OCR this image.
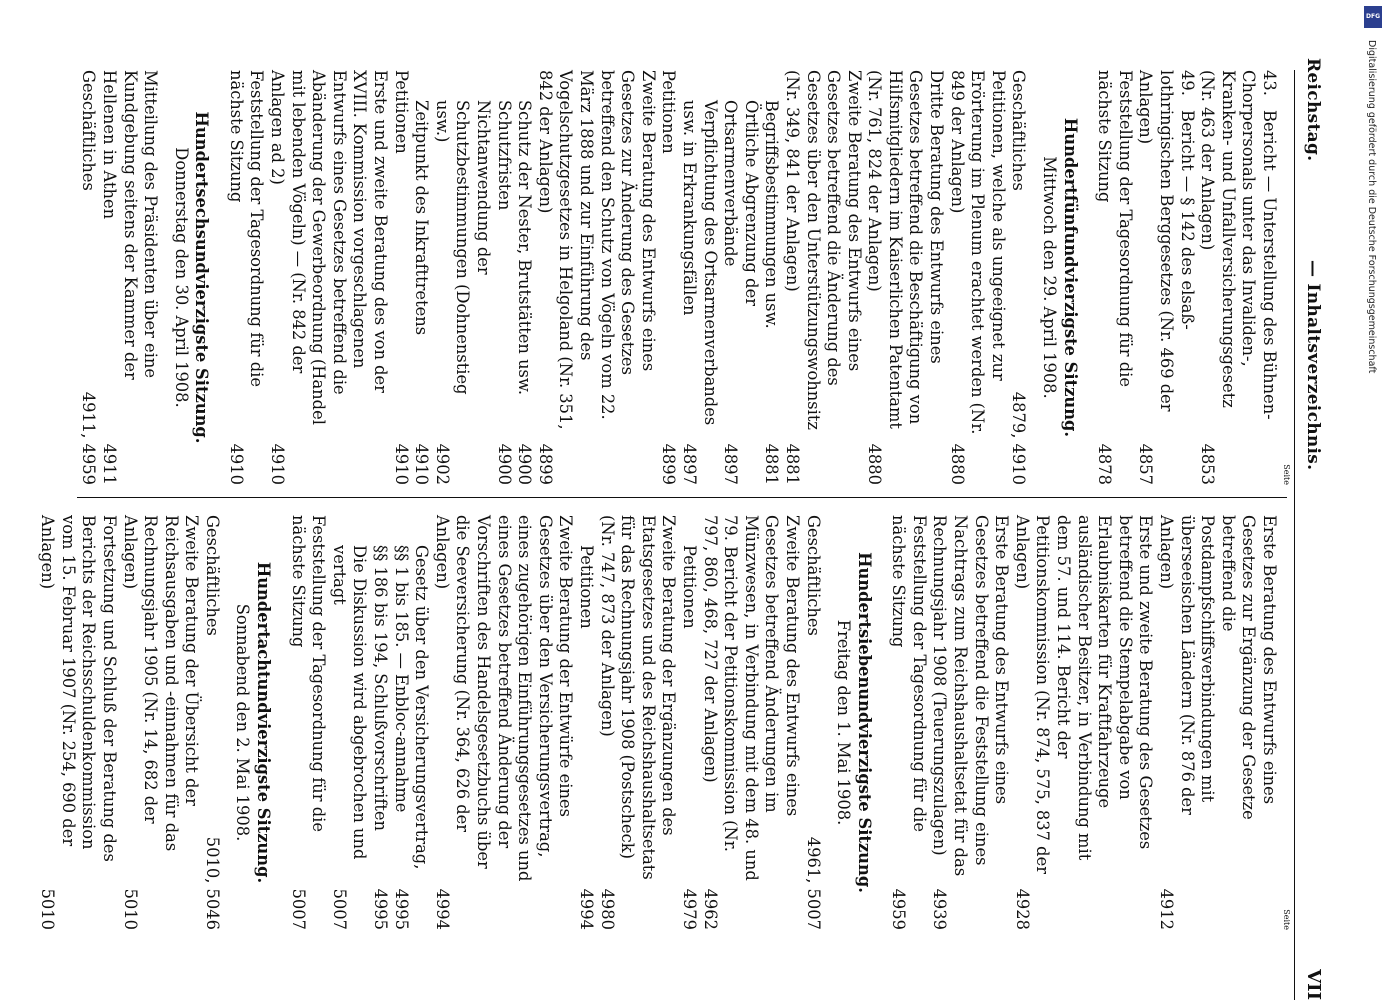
Reichstag.
— Inhaltsverzeichnis.
VII
Seite
43.Bericht — Unterstellung des Bühnen-Chorpersonals unter das Invaliden-, Kranken- und Unfallversicherungsgesetz (Nr. 463 der Anlagen)
4853
49.Bericht — § 142 des elsaß-lothringischen Berggesetzes (Nr. 469 der Anlagen)
4857
Feststellung der Tagesordnung für die nächste Sitzung
4878
Hundertfünfundvierzigste Sitzung.
Mittwoch den 29. April 1908.
Geschäftliches
4879, 4910
Petitionen, welche als ungeeignet zur Erörterung im Plenum erachtet werden (Nr. 849 der Anlagen)
4880
Dritte Beratung des Entwurfs eines Gesetzes betreffend die Beschäftigung von Hilfsmitgliedern im Kaiserlichen Patentamt (Nr. 761, 824 der Anlagen)
4880
Zweite Beratung des Entwurfs eines Gesetzes betreffend die Änderung des Gesetzes über den Unterstützungswohnsitz (Nr. 349, 841 der Anlagen)
4881
Begriffsbestimmungen usw.
4881
Örtliche Abgrenzung der Ortsarmenverbände
4897
Verpflichtung des Ortsarmenverbandes usw. in Erkrankungsfällen
4897
Petitionen
4899
Zweite Beratung des Entwurfs eines Gesetzes zur Änderung des Gesetzes betreffend den Schutz von Vögeln vom 22. März 1888 und zur Einführung des Vogelschutzgesetzes in Helgoland (Nr. 351, 842 der Anlagen)
4899
Schutz der Nester, Brutstätten usw.
4900
Schutzfristen
4900
Nichtanwendung der Schutzbestimmungen (Dohnenstieg usw.)
4902
Zeitpunkt des Inkrafttretens
4910
Petitionen
4910
Erste und zweite Beratung des von der XVIII. Kommission vorgeschlagenen Entwurfs eines Gesetzes betreffend die Abänderung der Gewerbeordnung (Handel mit lebenden Vögeln) — (Nr. 842 der Anlagen ad 2)
4910
Feststellung der Tagesordnung für die nächste Sitzung
4910
Hundertsechsundvierzigste Sitzung.
Donnerstag den 30. April 1908.
Mitteilung des Präsidenten über eine Kundgebung seitens der Kammer der Hellenen in Athen
4911
Geschäftliches
4911, 4959
Seite
Erste Beratung des Entwurfs eines Gesetzes zur Ergänzung der Gesetze betreffend die Postdampfschiffsverbindungen mit überseeischen Ländern (Nr. 876 der Anlagen)
4912
Erste und zweite Beratung des Gesetzes betreffend die Stempelabgabe von Erlaubniskarten für Kraftfahrzeuge ausländischer Besitzer, in Verbindung mit dem 57. und 114. Bericht der Petitionskommission (Nr. 874, 575, 837 der Anlagen)
4928
Erste Beratung des Entwurfs eines Gesetzes betreffend die Feststellung eines Nachtrags zum Reichshaushaltsetat für das Rechnungsjahr 1908 (Teuerungszulagen)
4939
Feststellung der Tagesordnung für die nächste Sitzung
4959
Hundertsiebenundvierzigste Sitzung.
Freitag den 1. Mai 1908.
Geschäftliches
4961, 5007
Zweite Beratung des Entwurfs eines Gesetzes betreffend Änderungen im Münzwesen, in Verbindung mit dem 48. und 79. Bericht der Petitionskommission (Nr. 797, 860, 468, 727 der Anlagen)
4962
Petitionen
4979
Zweite Beratung der Ergänzungen des Etatsgesetzes und des Reichshaushaltsetats für das Rechnungsjahr 1908 (Postscheck) (Nr. 747, 873 der Anlagen)
4980
Petitionen
4994
Zweite Beratung der Entwürfe eines Gesetzes über den Versicherungsvertrag, eines zugehörigen Einführungsgesetzes und eines Gesetzes betreffend Änderung der Vorschriften des Handelsgesetzbuchs über die Seeversicherung (Nr. 364, 626 der Anlagen)
4994
Gesetz über den Versicherungsvertrag, §§ 1 bis 185. — Enbloc-annahme
4995
§§ 186 bis 194, Schlußvorschriften
4995
Die Diskussion wird abgebrochen und vertagt
5007
Feststellung der Tagesordnung für die nächste Sitzung
5007
Hundertachtundvierzigste Sitzung.
Sonnabend den 2. Mai 1908.
Geschäftliches
5010, 5046
Zweite Beratung der Übersicht der Reichsausgaben und -einnahmen für das Rechnungsjahr 1905 (Nr. 14, 682 der Anlagen)
5010
Fortsetzung und Schluß der Beratung des Berichts der Reichsschuldenkommission vom 15. Februar 1907 (Nr. 254, 690 der Anlagen)
5010
DFG
Digitalisierung gefördert durch die Deutsche Forschungsgemeinschaft
